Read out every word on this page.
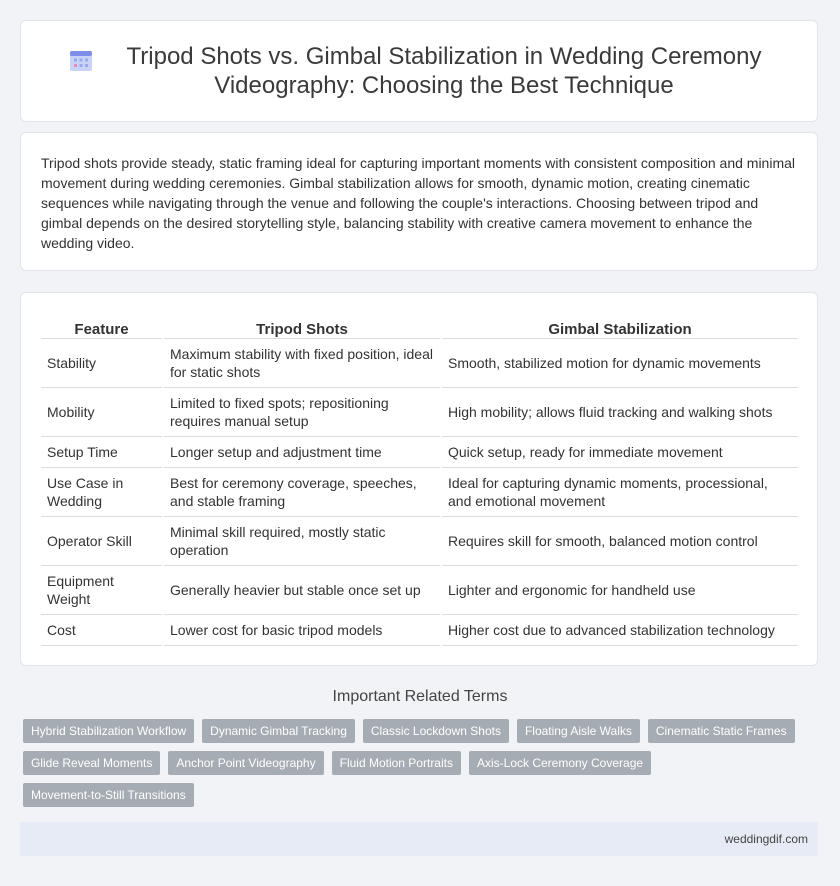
Tripod Shots vs. Gimbal Stabilization in Wedding Ceremony Videography: Choosing the Best Technique

Tripod shots provide steady, static framing ideal for capturing important moments with consistent composition and minimal movement during wedding ceremonies. Gimbal stabilization allows for smooth, dynamic motion, creating cinematic sequences while navigating through the venue and following the couple's interactions. Choosing between tripod and gimbal depends on the desired storytelling style, balancing stability with creative camera movement to enhance the wedding video.

Feature	Tripod Shots	Gimbal Stabilization
Stability	Maximum stability with fixed position, ideal for static shots	Smooth, stabilized motion for dynamic movements
Mobility	Limited to fixed spots; repositioning requires manual setup	High mobility; allows fluid tracking and walking shots
Setup Time	Longer setup and adjustment time	Quick setup, ready for immediate movement
Use Case in Wedding	Best for ceremony coverage, speeches, and stable framing	Ideal for capturing dynamic moments, processional, and emotional movement
Operator Skill	Minimal skill required, mostly static operation	Requires skill for smooth, balanced motion control
Equipment Weight	Generally heavier but stable once set up	Lighter and ergonomic for handheld use
Cost	Lower cost for basic tripod models	Higher cost due to advanced stabilization technology
Important Related Terms
Hybrid Stabilization Workflow	Dynamic Gimbal Tracking	Classic Lockdown Shots	Floating Aisle Walks	Cinematic Static Frames
Glide Reveal Moments	Anchor Point Videography	Fluid Motion Portraits	Axis-Lock Ceremony Coverage
Movement-to-Still Transitions
weddingdif.com
